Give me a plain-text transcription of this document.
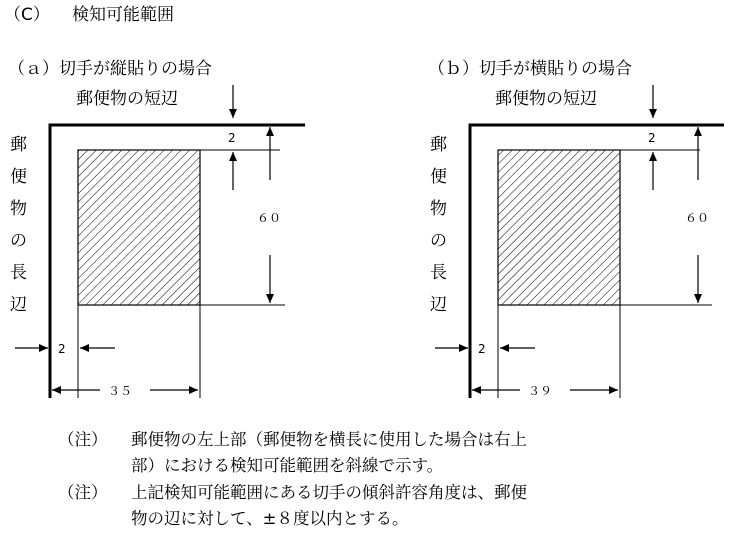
（C） 検知可能範囲
（ａ）切手が縦貼りの場合
郵便物の短辺
郵
便
物
の
長
辺
2
６０
2
３５
（ｂ）切手が横貼りの場合
郵便物の短辺
郵
便
物
の
長
辺
2
６０
2
３９
（注） 郵便物の左上部（郵便物を横長に使用した場合は右上
部）における検知可能範囲を斜線で示す。
（注） 上記検知可能範囲にある切手の傾斜許容角度は、郵便
物の辺に対して、±８度以内とする。
